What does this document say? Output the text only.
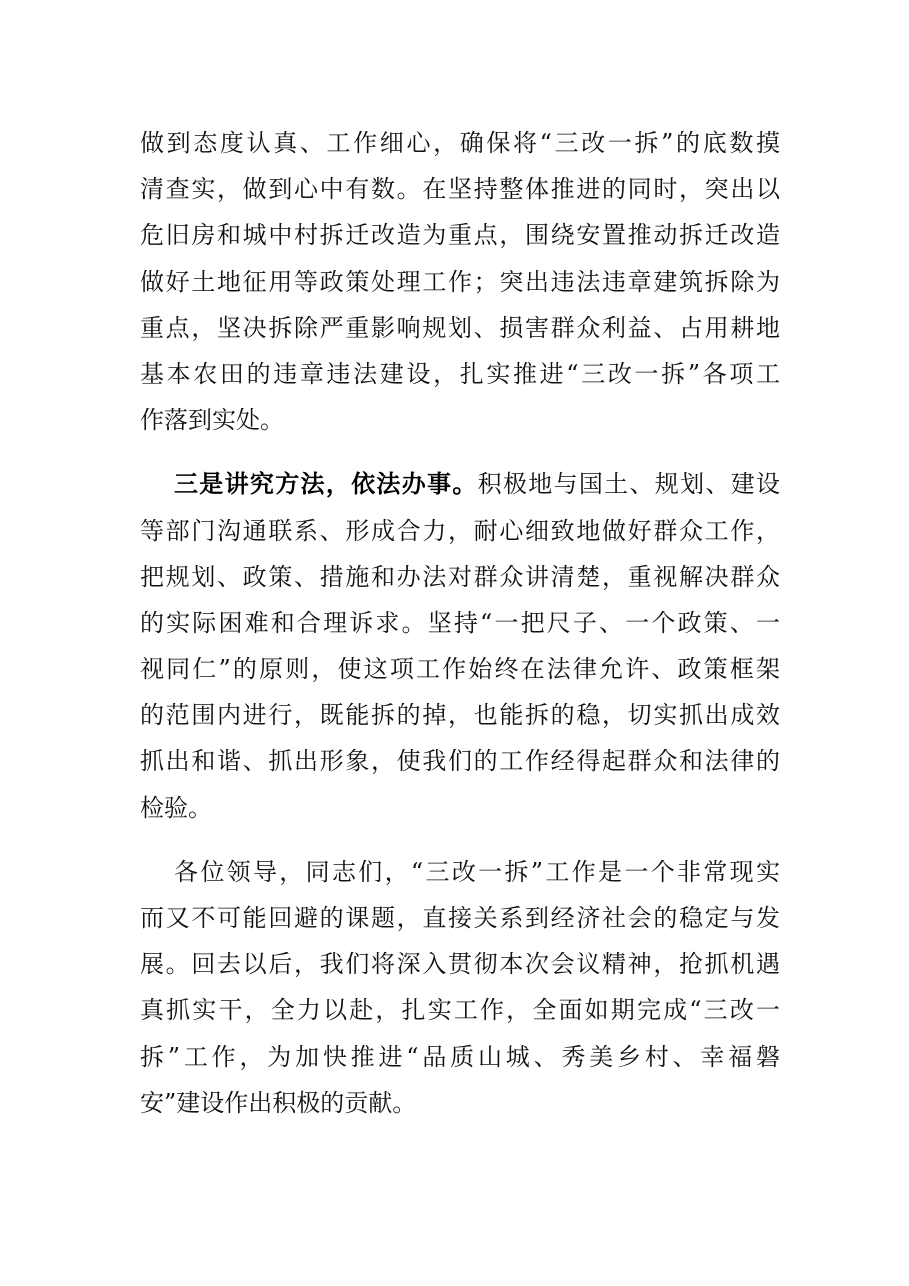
做到态度认真、工作细心，确保将“三改一拆”的底数摸
清查实，做到心中有数。在坚持整体推进的同时，突出以
危旧房和城中村拆迁改造为重点，围绕安置推动拆迁改造
做好土地征用等政策处理工作；突出违法违章建筑拆除为
重点，坚决拆除严重影响规划、损害群众利益、占用耕地
基本农田的违章违法建设，扎实推进“三改一拆”各项工
作落到实处。
三是讲究方法，依法办事。积极地与国土、规划、建设
等部门沟通联系、形成合力，耐心细致地做好群众工作，
把规划、政策、措施和办法对群众讲清楚，重视解决群众
的实际困难和合理诉求。坚持“一把尺子、一个政策、一
视同仁”的原则，使这项工作始终在法律允许、政策框架
的范围内进行，既能拆的掉，也能拆的稳，切实抓出成效
抓出和谐、抓出形象，使我们的工作经得起群众和法律的
检验。
各位领导，同志们，“三改一拆”工作是一个非常现实
而又不可能回避的课题，直接关系到经济社会的稳定与发
展。回去以后，我们将深入贯彻本次会议精神，抢抓机遇
真抓实干，全力以赴，扎实工作，全面如期完成“三改一
拆”工作，为加快推进“品质山城、秀美乡村、幸福磐
安”建设作出积极的贡献。
